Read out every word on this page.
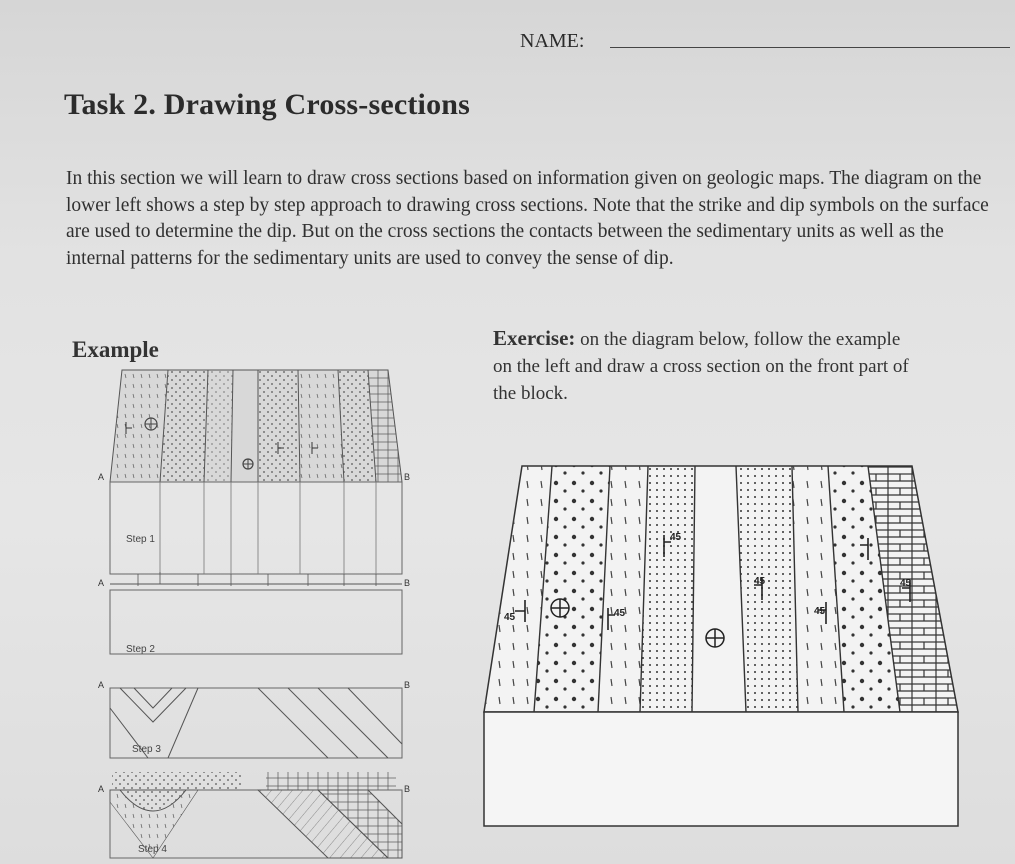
NAME:
Task 2. Drawing Cross-sections
In this section we will learn to draw cross sections based on information given on geologic maps. The diagram on the lower left shows a step by step approach to drawing cross sections. Note that the strike and dip symbols on the surface are used to determine the dip. But on the cross sections the contacts between the sedimentary units as well as the internal patterns for the sedimentary units are used to convey the sense of dip.
Example	Exercise: on the diagram below, follow the example on the left and draw a cross section on the front part of the block.
A	B
Step 1
A	B
Step 2
A	B
Step 3
A	B
Step 4
45	45
45
45
45
45
